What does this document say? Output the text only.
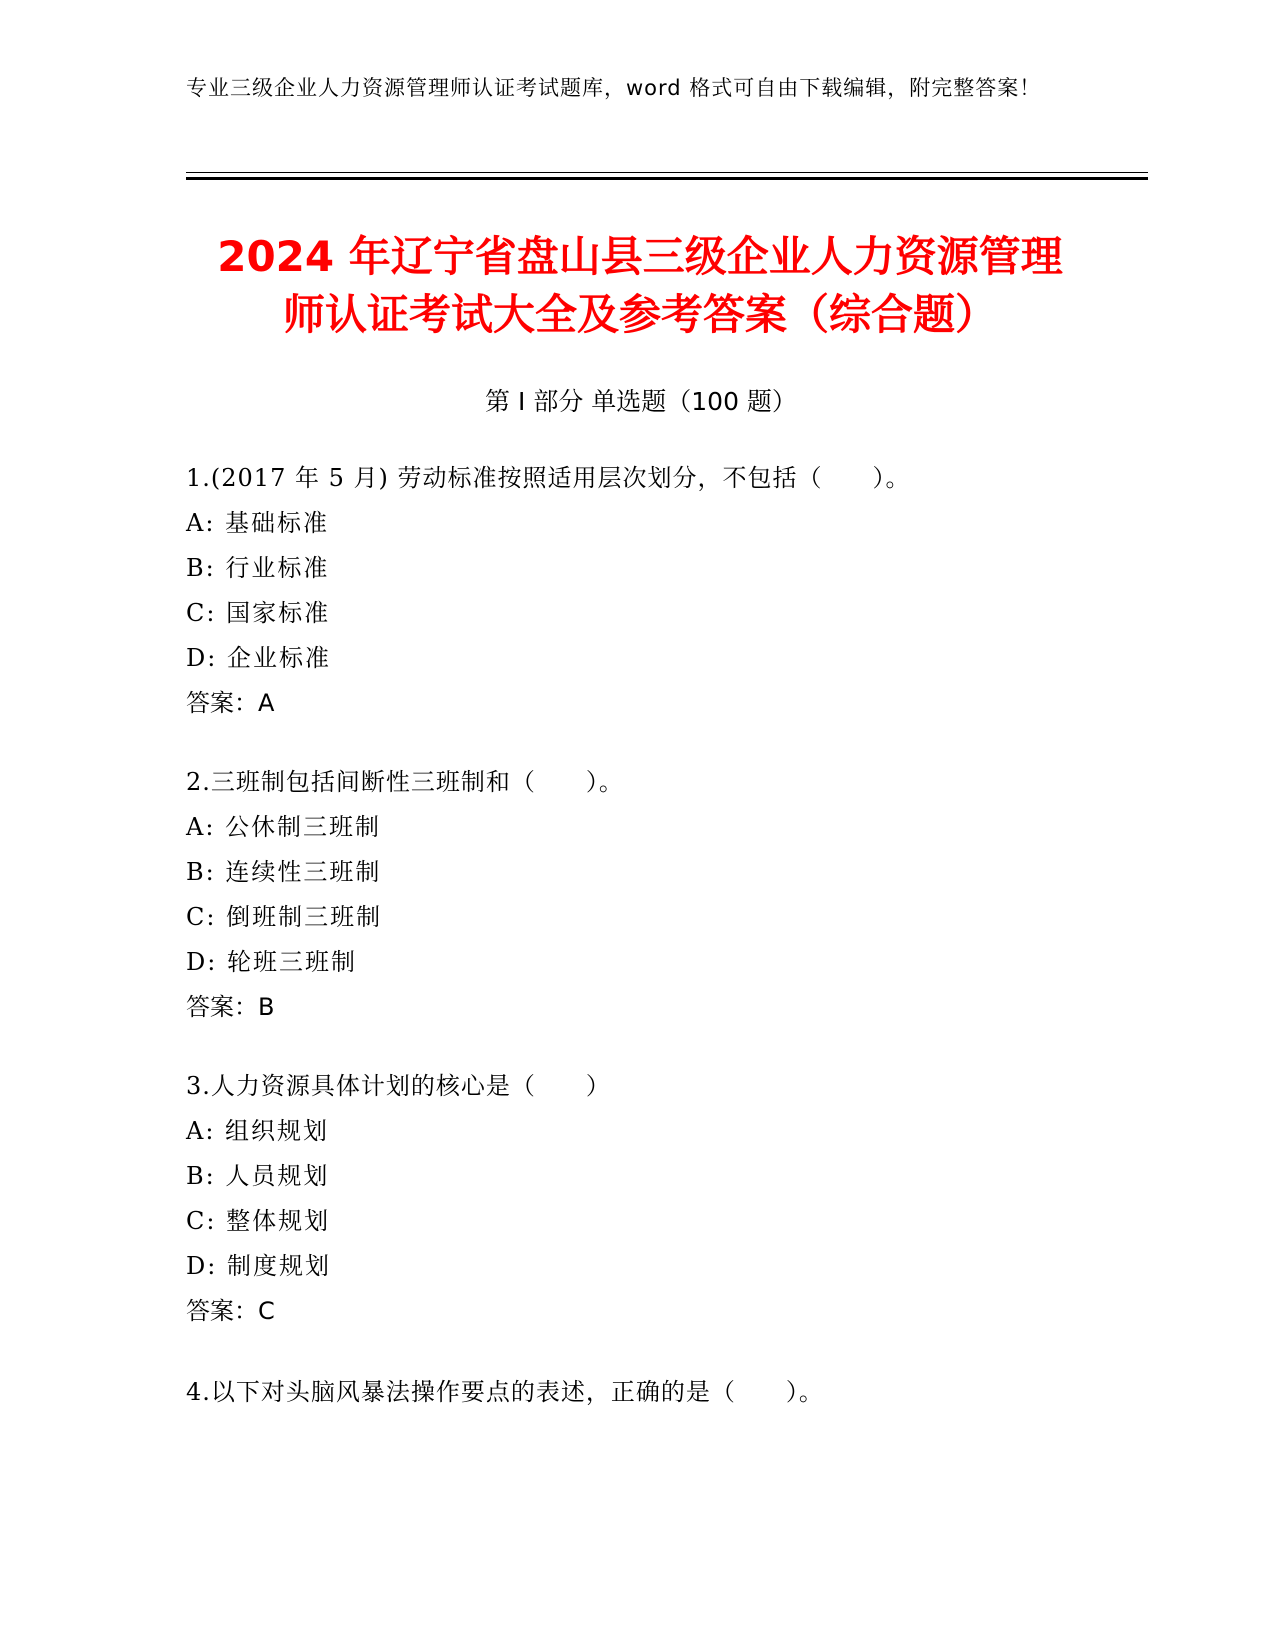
专业三级企业人力资源管理师认证考试题库，word 格式可自由下载编辑，附完整答案！
2024 年辽宁省盘山县三级企业人力资源管理
师认证考试大全及参考答案（综合题）
第 I 部分 单选题（100 题）
1.(2017 年 5 月) 劳动标准按照适用层次划分，不包括（　　）。
A: 基础标准
B: 行业标准
C: 国家标准
D: 企业标准
答案：A
2.三班制包括间断性三班制和（　　）。
A: 公休制三班制
B: 连续性三班制
C: 倒班制三班制
D: 轮班三班制
答案：B
3.人力资源具体计划的核心是（　　）
A: 组织规划
B: 人员规划
C: 整体规划
D: 制度规划
答案：C
4.以下对头脑风暴法操作要点的表述，正确的是（　　）。
